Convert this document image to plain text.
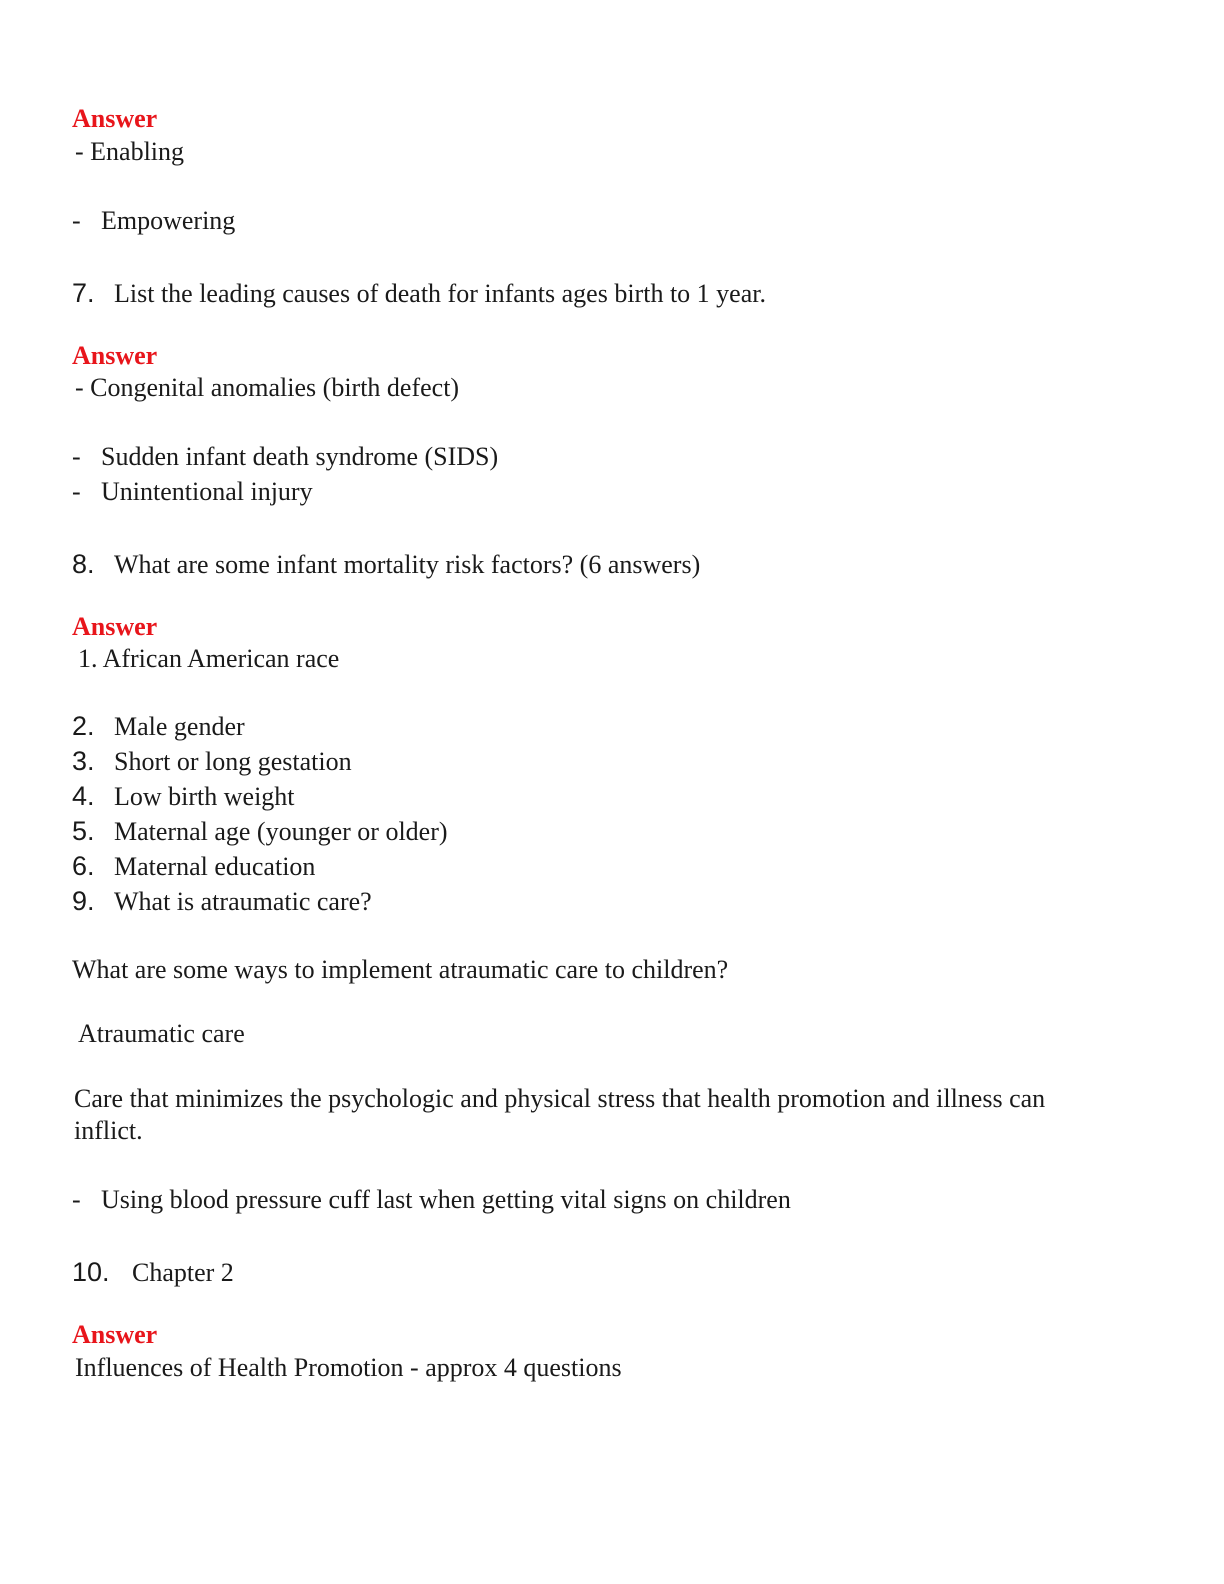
Answer
- Enabling
- Empowering
7. List the leading causes of death for infants ages birth to 1 year.
Answer
- Congenital anomalies (birth defect)
- Sudden infant death syndrome (SIDS)
- Unintentional injury
8. What are some infant mortality risk factors? (6 answers)
Answer
1. African American race
2. Male gender
3. Short or long gestation
4. Low birth weight
5. Maternal age (younger or older)
6. Maternal education
9. What is atraumatic care?
What are some ways to implement atraumatic care to children?
Atraumatic care
Care that minimizes the psychologic and physical stress that health promotion and illness can inflict.
- Using blood pressure cuff last when getting vital signs on children
10. Chapter 2
Answer
Influences of Health Promotion - approx 4 questions
